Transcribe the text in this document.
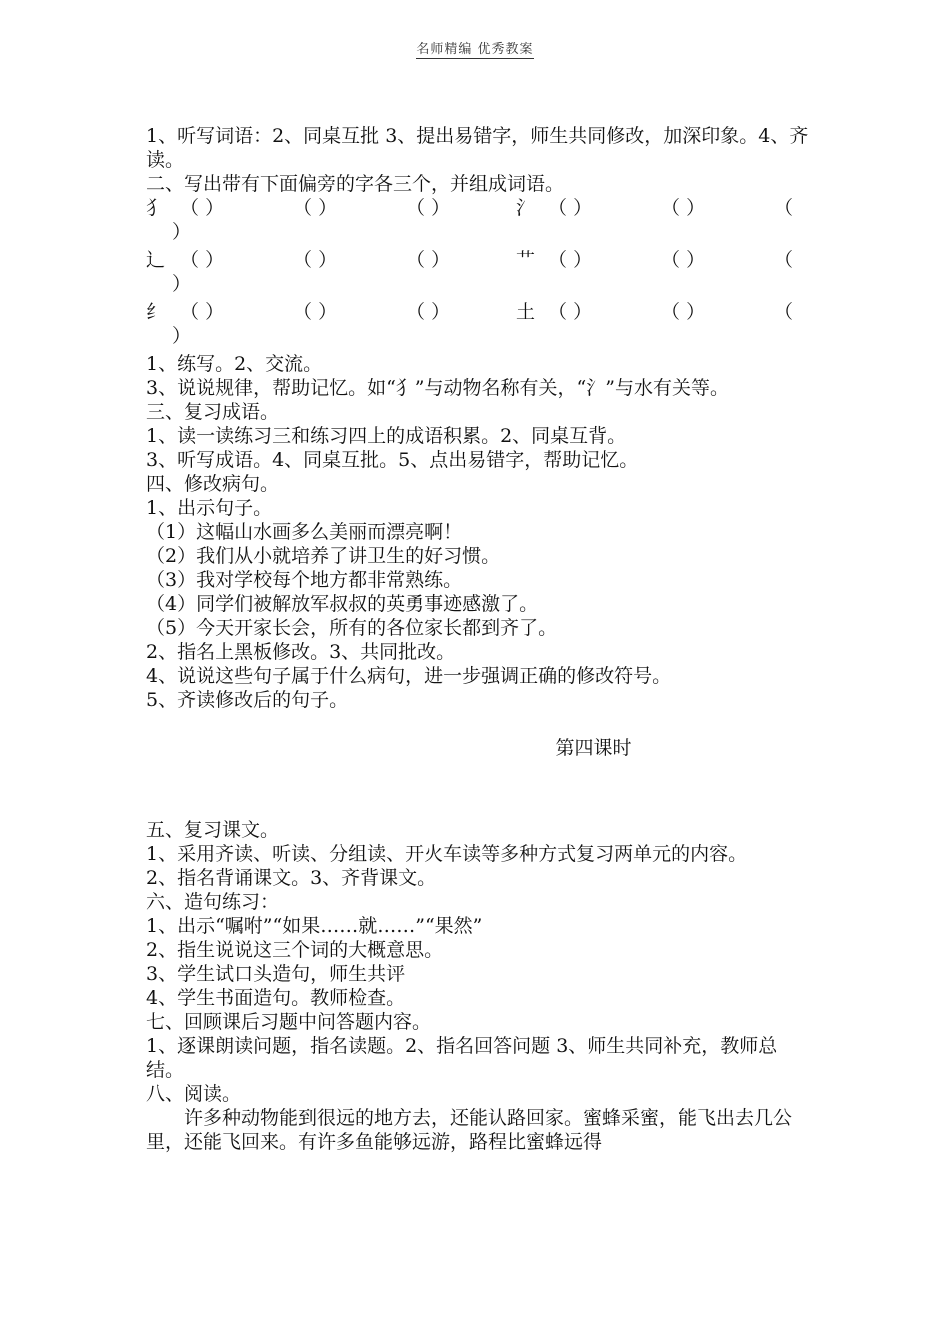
名师精编 优秀教案
1、听写词语：2、同桌互批 3、提出易错字，师生共同修改，加深印象。4、齐读。
二、写出带有下面偏旁的字各三个，并组成词语。
犭 （ ）	（ ）	（ ）	氵 （ ）	（ ）	（
）
辶 （ ）	（ ）	（ ）	艹 （ ）	（ ）	（
）
纟 （ ）	（ ）	（ ）	土 （ ）	（ ）	（
）
1、练写。2、交流。
3、说说规律，帮助记忆。如“犭”与动物名称有关，“氵”与水有关等。
三、复习成语。
1、读一读练习三和练习四上的成语积累。2、同桌互背。
3、听写成语。4、同桌互批。5、点出易错字，帮助记忆。
四、修改病句。
1、出示句子。
（1）这幅山水画多么美丽而漂亮啊！
（2）我们从小就培养了讲卫生的好习惯。
（3）我对学校每个地方都非常熟练。
（4）同学们被解放军叔叔的英勇事迹感激了。
（5）今天开家长会，所有的各位家长都到齐了。
2、指名上黑板修改。3、共同批改。
4、说说这些句子属于什么病句，进一步强调正确的修改符号。
5、齐读修改后的句子。
第四课时
五、复习课文。
1、采用齐读、听读、分组读、开火车读等多种方式复习两单元的内容。
2、指名背诵课文。3、齐背课文。
六、造句练习：
1、出示“嘱咐”“如果……就……”“果然”
2、指生说说这三个词的大概意思。
3、学生试口头造句，师生共评
4、学生书面造句。教师检查。
七、回顾课后习题中问答题内容。
1、逐课朗读问题，指名读题。2、指名回答问题 3、师生共同补充，教师总结。
八、阅读。
许多种动物能到很远的地方去，还能认路回家。蜜蜂采蜜，能飞出去几公里，还能飞回来。有许多鱼能够远游，路程比蜜蜂远得
